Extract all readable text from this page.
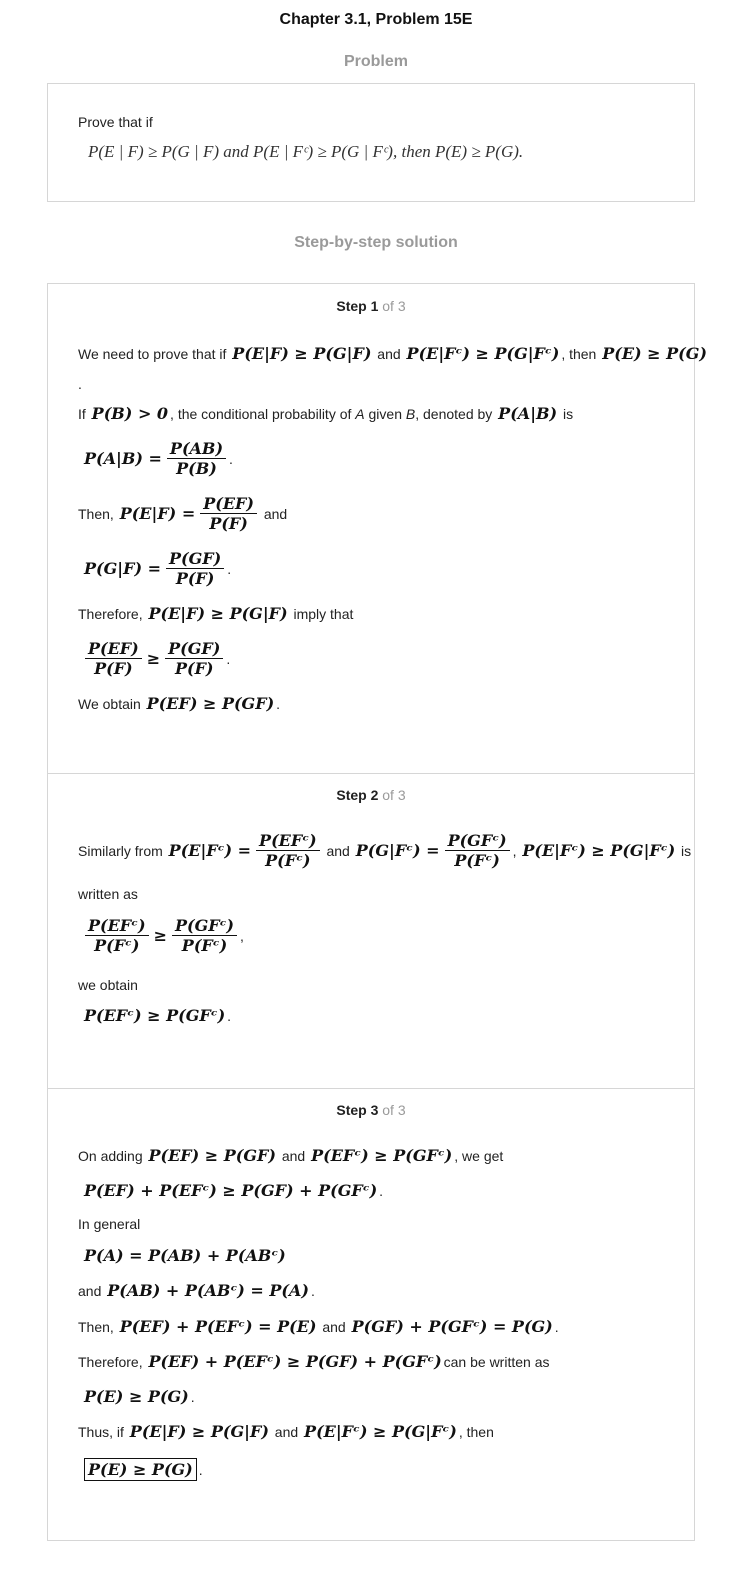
Chapter 3.1, Problem 15E
Problem
Prove that if
P(E | F) ≥ P(G | F) and P(E | Fᶜ) ≥ P(G | Fᶜ), then P(E) ≥ P(G).
Step-by-step solution
Step 1 of 3
We need to prove that if
P(E|F) ≥ P(G|F)
and
P(E|Fᶜ) ≥ P(G|Fᶜ) , then
P(E) ≥ P(G)
.
If
P(B) > 0 , the conditional probability of
A
given
B , denoted by
P(A|B)
is
$P(A|B) = \frac{P(AB)}{P(B)}$ .
Then,
$P(E|F) = \frac{P(EF)}{P(F)}$
and
$P(G|F) = \frac{P(GF)}{P(F)}$ .
Therefore,
P(E|F) ≥ P(G|F)
imply that
$\frac{P(EF)}{P(F)} \ge \frac{P(GF)}{P(F)}$ .
We obtain
P(EF) ≥ P(GF) .
Step 2 of 3
Similarly from
P(E|Fᶜ) = $\frac{\text{P(EFᶜ)}}{\text{P(Fᶜ)}}$
and
P(G|Fᶜ) = $\frac{\text{P(GFᶜ)}}{\text{P(Fᶜ)}}$ , P(E|Fᶜ) ≥ P(G|Fᶜ)
is
written as
$\frac{\text{P(EFᶜ)}}{\text{P(Fᶜ)}} \ge \frac{\text{P(GFᶜ)}}{\text{P(Fᶜ)}}$ ,
we obtain
P(EFᶜ) ≥ P(GFᶜ) .
Step 3 of 3
On adding
P(EF) ≥ P(GF)
and
P(EFᶜ) ≥ P(GFᶜ) , we get
P(EF) + P(EFᶜ) ≥ P(GF) + P(GFᶜ) .
In general
P(A) = P(AB) + P(ABᶜ)
and
P(AB) + P(ABᶜ) = P(A) .
Then,
P(EF) + P(EFᶜ) = P(E)
and
P(GF) + P(GFᶜ) = P(G) .
Therefore,
P(EF) + P(EFᶜ) ≥ P(GF) + P(GFᶜ) can be written as
P(E) ≥ P(G) .
Thus, if
P(E|F) ≥ P(G|F)
and
P(E|Fᶜ) ≥ P(G|Fᶜ) , then
P(E) ≥ P(G) .
